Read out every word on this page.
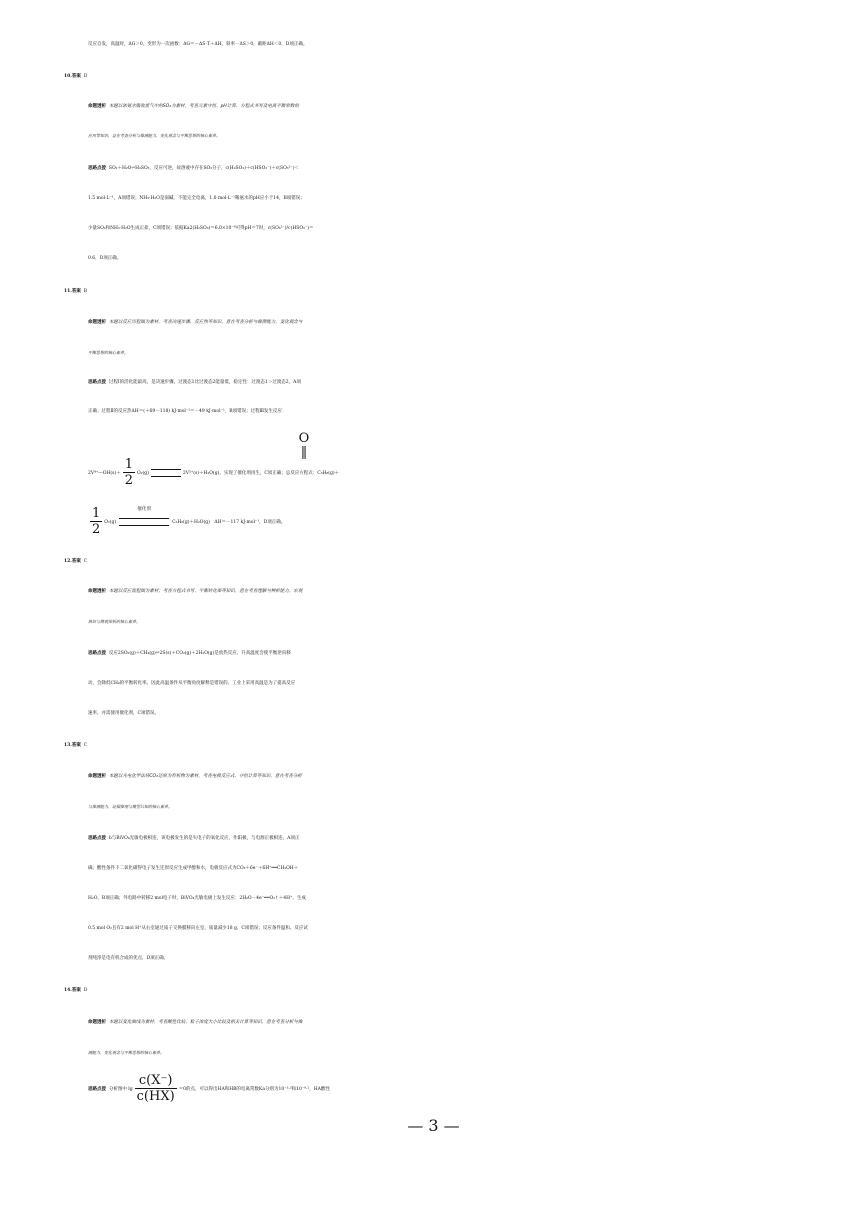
反应自发，高温时，ΔG＞0，变形为一次函数：ΔG＝－ΔS·T＋ΔH，斜率－ΔS＞0，截距ΔH＜0，D项正确。
10.答案 D
命题透析 本题以浓氨水吸收废气中的SO₂为素材，考查元素守恒、pH计算、方程式书写及电离平衡常数的
应用等知识，意在考查分析与推测能力，变化观念与平衡思想的核心素养。
思路点拨 SO₂＋H₂O⇌H₂SO₃，反应可逆，故溶液中存在SO₂分子，c(H₂SO₃)＋c(HSO₃⁻)＋c(SO₃²⁻)＜
1.5 mol·L⁻¹，A项错误；NH₃·H₂O是弱碱，不能完全电离，1.0 mol·L⁻¹稀氨水的pH应小于14，B项错误；
少量SO₂和NH₃·H₂O生成正盐，C项错误；依据Ka2(H₂SO₃)＝6.0×10⁻⁸可得pH＝7时，c(SO₃²⁻)/c(HSO₃⁻)＝
0.6，D项正确。
11.答案 B
命题透析 本题以反应历程图为素材，考查决速步骤、反应热等知识，意在考查分析与推测能力，变化观念与
平衡思想的核心素养。
思路点拨 过程Ⅰ的活化能最高，是决速步骤，过渡态1比过渡态2能量低，稳定性：过渡态1＞过渡态2，A项
正确；过程Ⅱ的反应热ΔH＝(＋69－118) kJ·mol⁻¹＝－49 kJ·mol⁻¹，B项错误；过程Ⅲ发生反应：
O
‖
2V⁴⁺—OH(s)＋ $\frac{1}{2} O_2(g)$	2V⁵⁺(s)＋H₂O(g)，实现了催化剂再生，C项正确；总反应方程式：C₃H₈(g)＋
$\frac{1}{2} O_2(g)$
催化剂
C₃H₆(g)＋H₂O(g)　ΔH＝－117 kJ·mol⁻¹，D项正确。
12.答案 C
命题透析 本题以反应流程图为素材；考查方程式书写、平衡转化率等知识，意在考查理解与辨析能力，宏观
辨识与微观探析的核心素养。
思路点拨 反应2SO₂(g)＋CH₄(g)⇌2S(s)＋CO₂(g)＋2H₂O(g)是放热反应，升高温度会使平衡逆向移
动，会降低CH₄的平衡转化率。因此高温条件从平衡角度解释是错误的。工业上采用高温是为了提高反应
速率，并需使用催化剂，C项错误。
13.答案 C
命题透析 本题以光电化学法将CO₂还原为有机物为素材，考查电极反应式、守恒计算等知识，意在考查分析
与推测能力，证据推理与模型认知的核心素养。
思路点拨 b与BiVO₄光敏电极相连，该电极发生的是失电子的氧化反应，作阳极，与电源正极相连，A项正
确；酸性条件下二氧化碳得电子发生还原反应生成甲醇和水，电极反应式为CO₂＋6e⁻＋6H⁺══CH₃OH＋
H₂O，B项正确；外电路中转移2 mol电子时，BiVO₄光敏电极上发生反应：2H₂O－4e⁻══O₂↑＋4H⁺，生成
0.5 mol O₂且有2 mol H⁺从右室通过质子交换膜移向左室，质量减少18 g，C项错误；反应条件温和、反应试
剂纯净是电有机合成的优点，D项正确。
14.答案 D
命题透析 本题以变化曲线为素材，考查酸性比较、粒子浓度大小比较及相关计算等知识，意在考查分析与推
测能力，变化观念与平衡思想的核心素养。
思路点拨 分析图中 $\lg \frac{c(X^-)}{c(HX)} =0$的点，可以得出HA和HB的电离常数Ka分别为10⁻³·³和10⁻⁹·²，HA酸性
— 3 —
